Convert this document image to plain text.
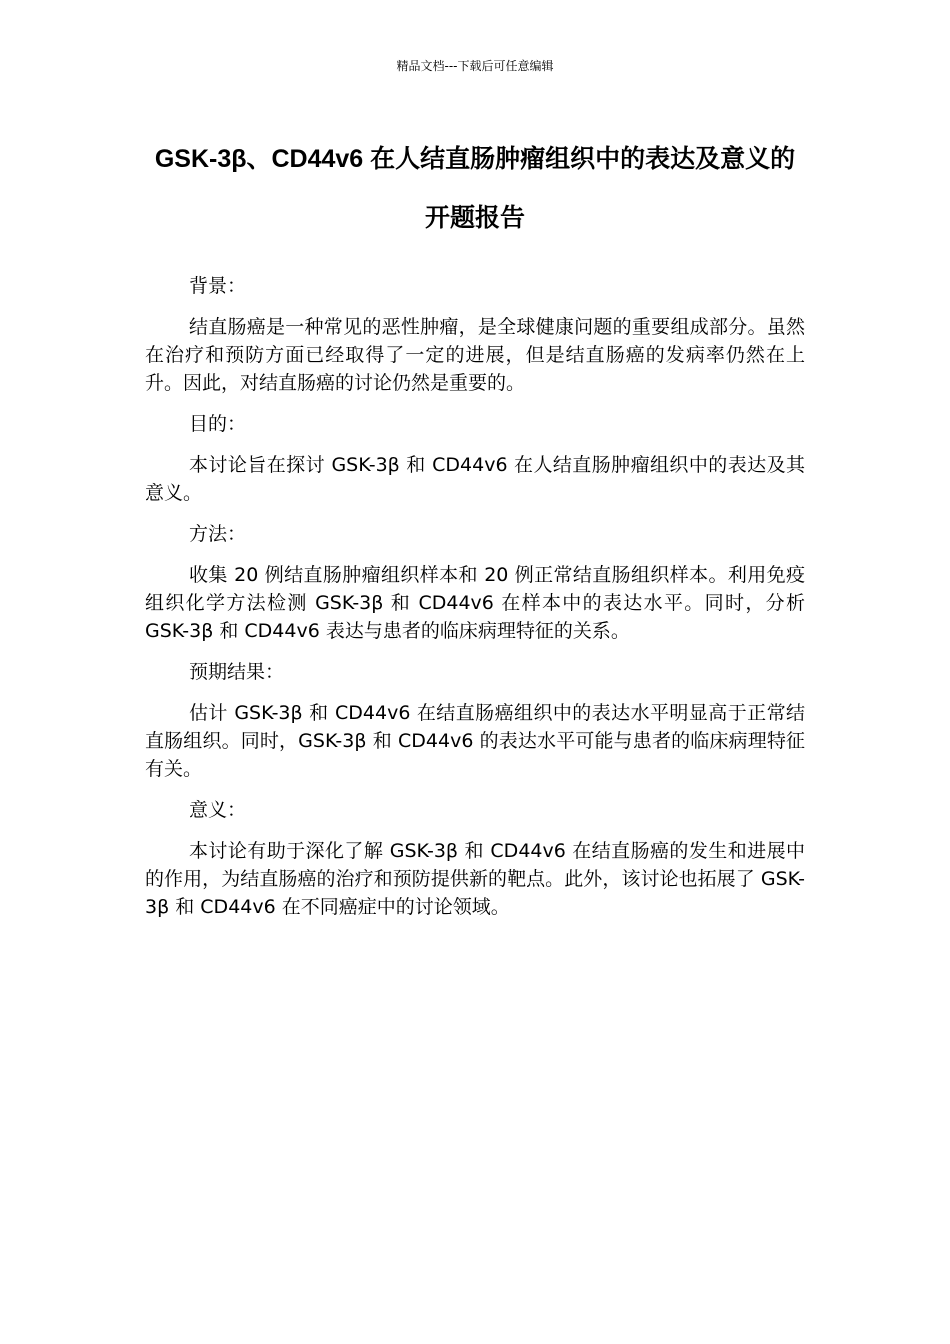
精品文档---下载后可任意编辑
GSK-3β、CD44v6 在人结直肠肿瘤组织中的表达及意义的开题报告

背景：

结直肠癌是一种常见的恶性肿瘤，是全球健康问题的重要组成部分。虽然在治疗和预防方面已经取得了一定的进展，但是结直肠癌的发病率仍然在上升。因此，对结直肠癌的讨论仍然是重要的。

目的：

本讨论旨在探讨 GSK-3β 和 CD44v6 在人结直肠肿瘤组织中的表达及其意义。

方法：

收集 20 例结直肠肿瘤组织样本和 20 例正常结直肠组织样本。利用免疫组织化学方法检测 GSK-3β 和 CD44v6 在样本中的表达水平。同时，分析 GSK-3β 和 CD44v6 表达与患者的临床病理特征的关系。

预期结果：

估计 GSK-3β 和 CD44v6 在结直肠癌组织中的表达水平明显高于正常结直肠组织。同时，GSK-3β 和 CD44v6 的表达水平可能与患者的临床病理特征有关。

意义：

本讨论有助于深化了解 GSK-3β 和 CD44v6 在结直肠癌的发生和进展中的作用，为结直肠癌的治疗和预防提供新的靶点。此外，该讨论也拓展了 GSK-3β 和 CD44v6 在不同癌症中的讨论领域。
